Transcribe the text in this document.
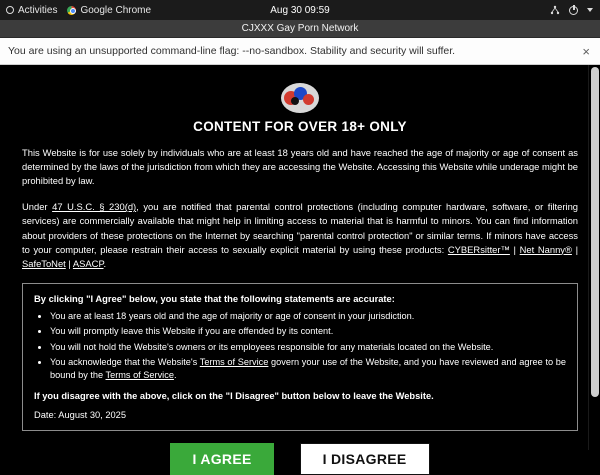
Activities Google Chrome	Aug 30 09:59
CJXXX Gay Porn Network
You are using an unsupported command-line flag: --no-sandbox. Stability and security will suffer.	×
CONTENT FOR OVER 18+ ONLY

This Website is for use solely by individuals who are at least 18 years old and have reached the age of majority or age of consent as determined by the laws of the jurisdiction from which they are accessing the Website. Accessing this Website while underage might be prohibited by law.

Under 47 U.S.C. § 230(d), you are notified that parental control protections (including computer hardware, software, or filtering services) are commercially available that might help in limiting access to material that is harmful to minors. You can find information about providers of these protections on the Internet by searching "parental control protection" or similar terms. If minors have access to your computer, please restrain their access to sexually explicit material by using these products: CYBERsitter™ | Net Nanny® | SafeToNet | ASACP.

By clicking "I Agree" below, you state that the following statements are accurate:

• You are at least 18 years old and the age of majority or age of consent in your jurisdiction.
• You will promptly leave this Website if you are offended by its content.
• You will not hold the Website's owners or its employees responsible for any materials located on the Website.
• You acknowledge that the Website's Terms of Service govern your use of the Website, and you have reviewed and agree to be bound by the Terms of Service.

If you disagree with the above, click on the "I Disagree" button below to leave the Website.

Date: August 30, 2025

I AGREE	I DISAGREE
